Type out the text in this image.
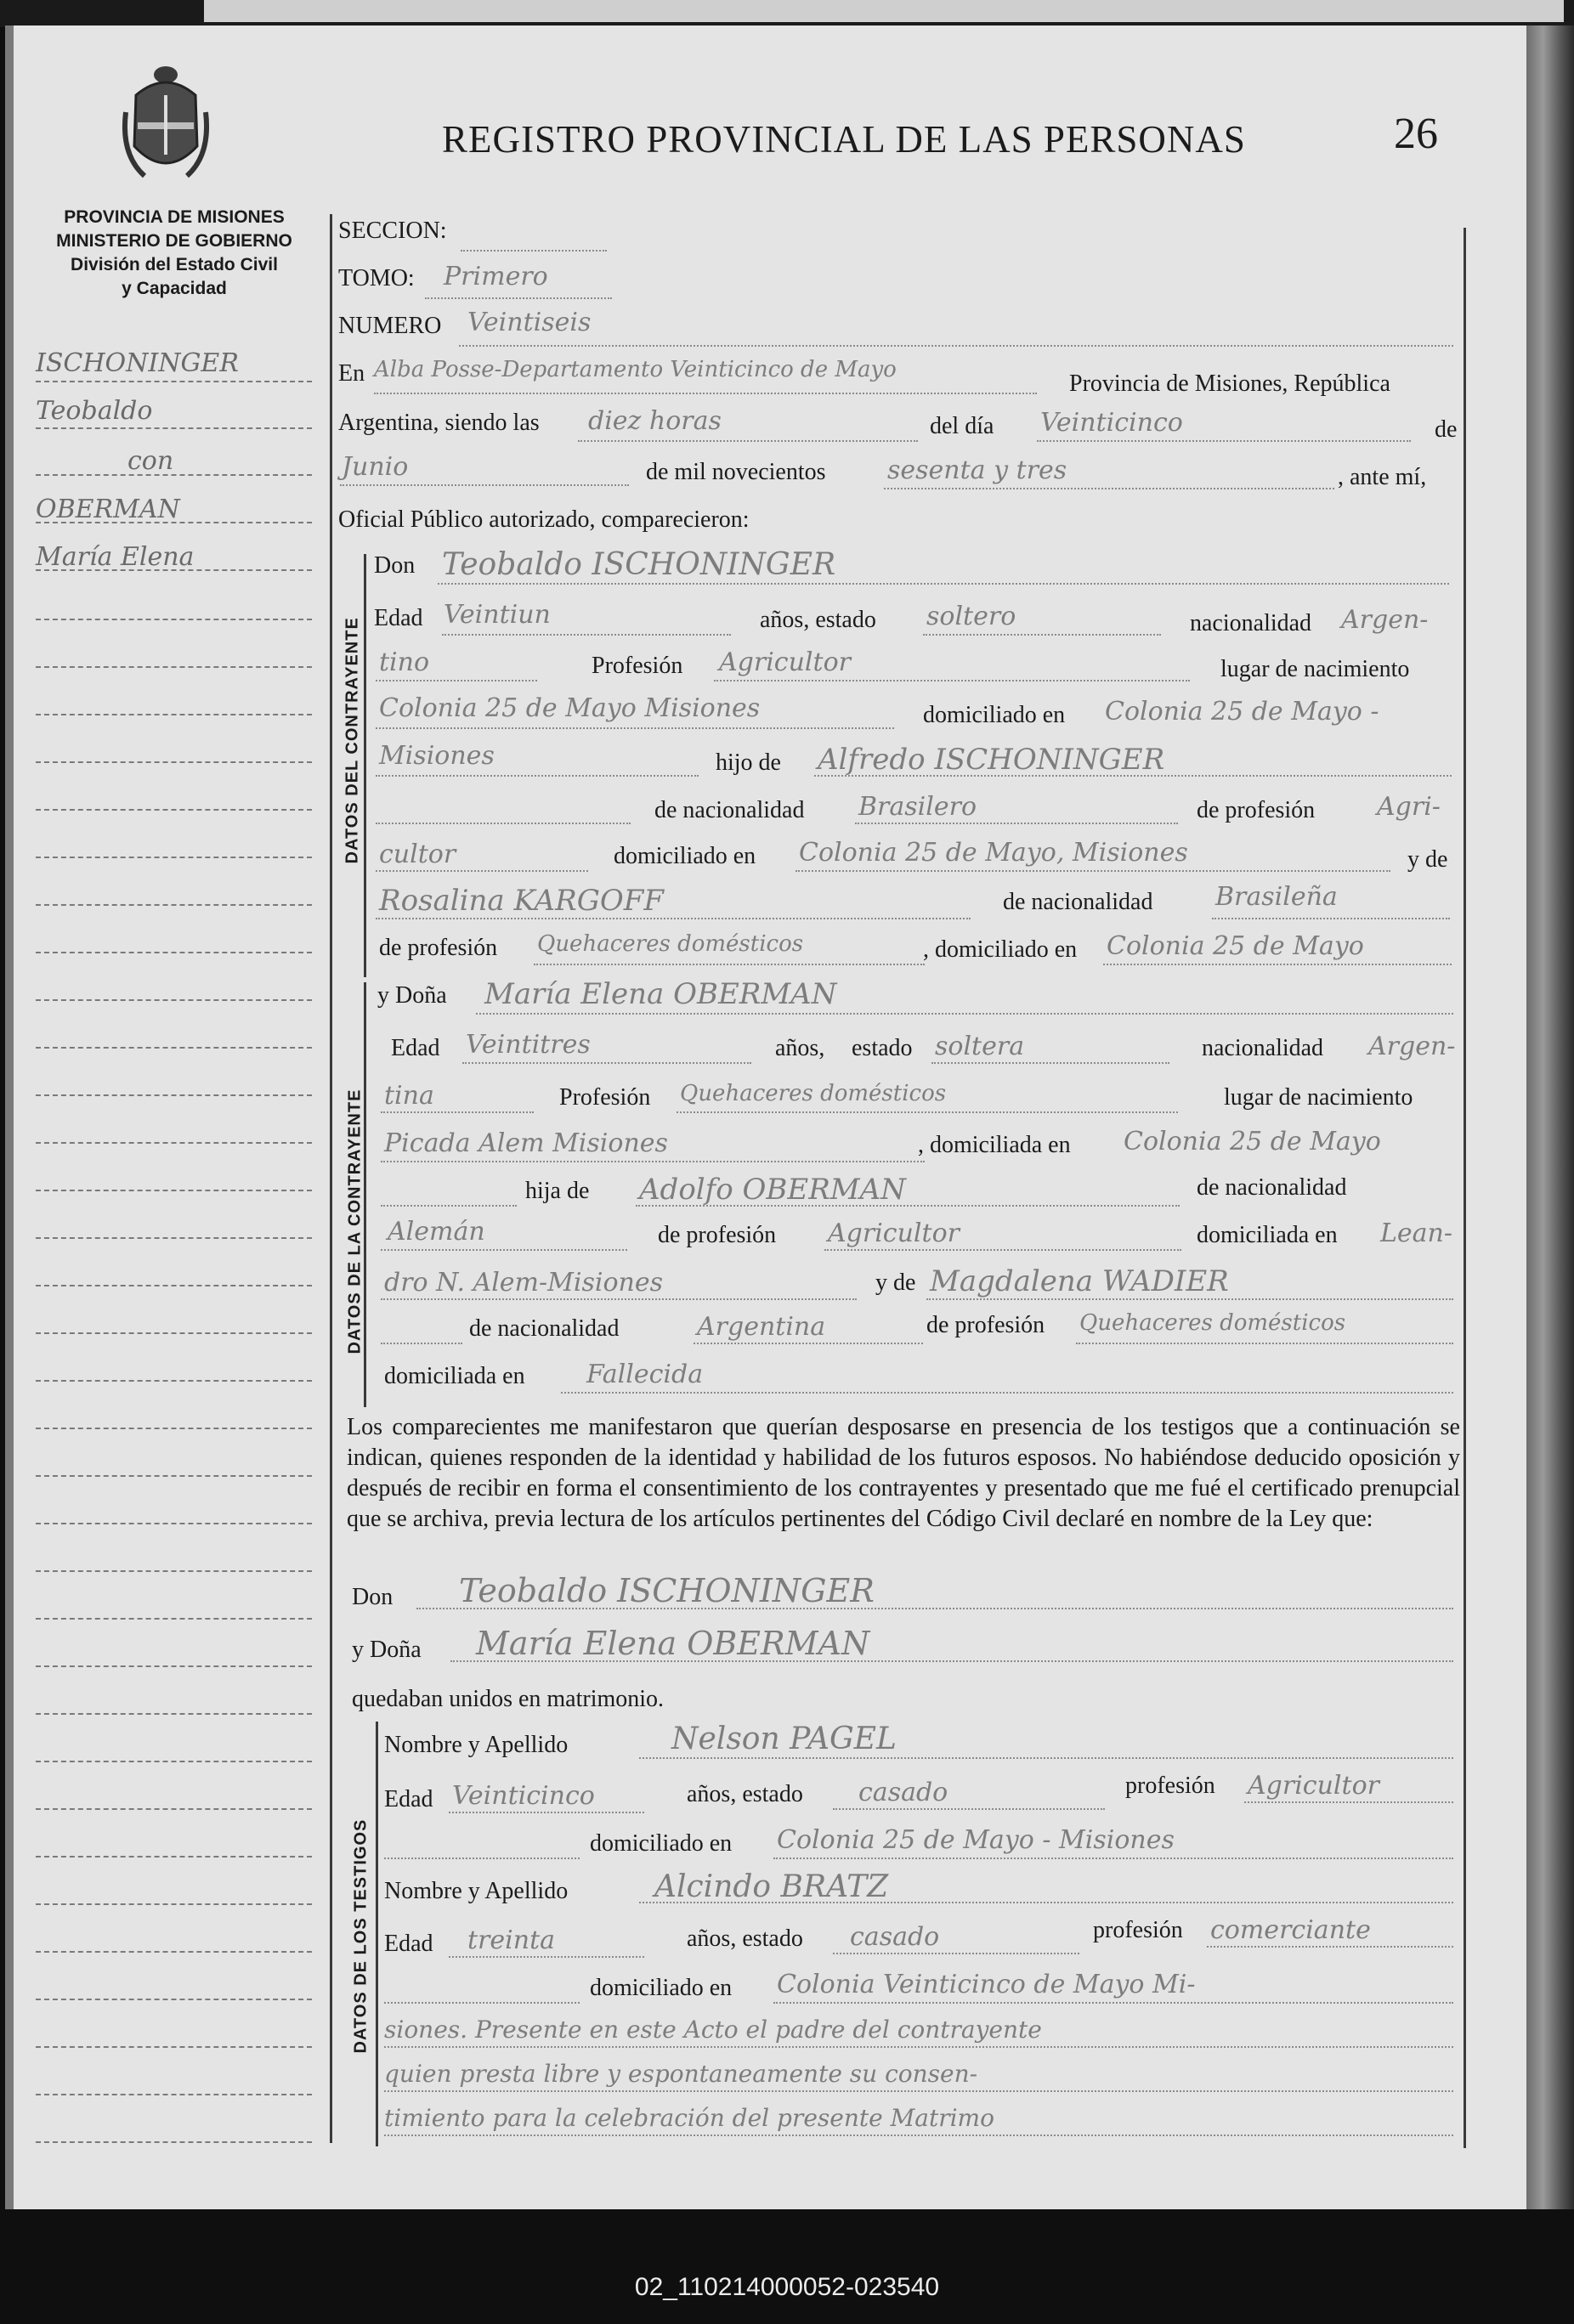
PROVINCIA DE MISIONES
MINISTERIO DE GOBIERNO
División del Estado Civil
y Capacidad
REGISTRO PROVINCIAL DE LAS PERSONAS	26
ISCHONINGER
Teobaldo
con
OBERMAN
María Elena
SECCION:
TOMO: Primero
NUMERO Veintiseis
En Alba Posse-Departamento Veinticinco de Mayo
Provincia de Misiones, República
Argentina, siendo las diez horas	del día Veinticinco	de
Junio	de mil novecientos sesenta y tres	, ante mí,
Oficial Público autorizado, comparecieron:
DATOS DEL CONTRAYENTE
Don Teobaldo ISCHONINGER
Edad Veintiun	años, estado soltero	nacionalidad Argen-
tino	Profesión Agricultor	lugar de nacimiento
Colonia 25 de Mayo Misiones	domiciliado en Colonia 25 de Mayo -
Misiones	hijo de Alfredo ISCHONINGER
de nacionalidad Brasilero	de profesión Agri-
cultor	domiciliado en Colonia 25 de Mayo, Misiones	y de
Rosalina KARGOFF	de nacionalidad Brasileña
de profesión Quehaceres domésticos	, domiciliado en Colonia 25 de Mayo
DATOS DE LA CONTRAYENTE
y Doña María Elena OBERMAN
Edad Veintitres	años, estado soltera	nacionalidad Argen-
tina	Profesión Quehaceres domésticos	lugar de nacimiento
Picada Alem Misiones	, domiciliada en Colonia 25 de Mayo
hija de Adolfo OBERMAN	de nacionalidad
Alemán	de profesión Agricultor	domiciliada en Lean-
dro N. Alem-Misiones	y de Magdalena WADIER
de nacionalidad	Argentina	de profesión Quehaceres domésticos
domiciliada en Fallecida
Los comparecientes me manifestaron que querían desposarse en presencia de los testigos que a continuación se indican, quienes responden de la identidad y habilidad de los futuros esposos. No habiéndose deducido oposición y después de recibir en forma el consentimiento de los contrayentes y presentado que me fué el certificado prenupcial que se archiva, previa lectura de los artículos pertinentes del Código Civil declaré en nombre de la Ley que:
Don Teobaldo ISCHONINGER
y Doña María Elena OBERMAN
quedaban unidos en matrimonio.
DATOS DE LOS TESTIGOS
Nombre y Apellido	Nelson PAGEL
Edad Veinticinco	años, estado casado	profesión Agricultor
domiciliado en Colonia 25 de Mayo - Misiones
Nombre y Apellido	Alcindo BRATZ
Edad treinta	años, estado casado	profesión comerciante
domiciliado en Colonia Veinticinco de Mayo Mi-
siones. Presente en este Acto el padre del contrayente
quien presta libre y espontaneamente su consen-
timiento para la celebración del presente Matrimo
02_110214000052-023540
